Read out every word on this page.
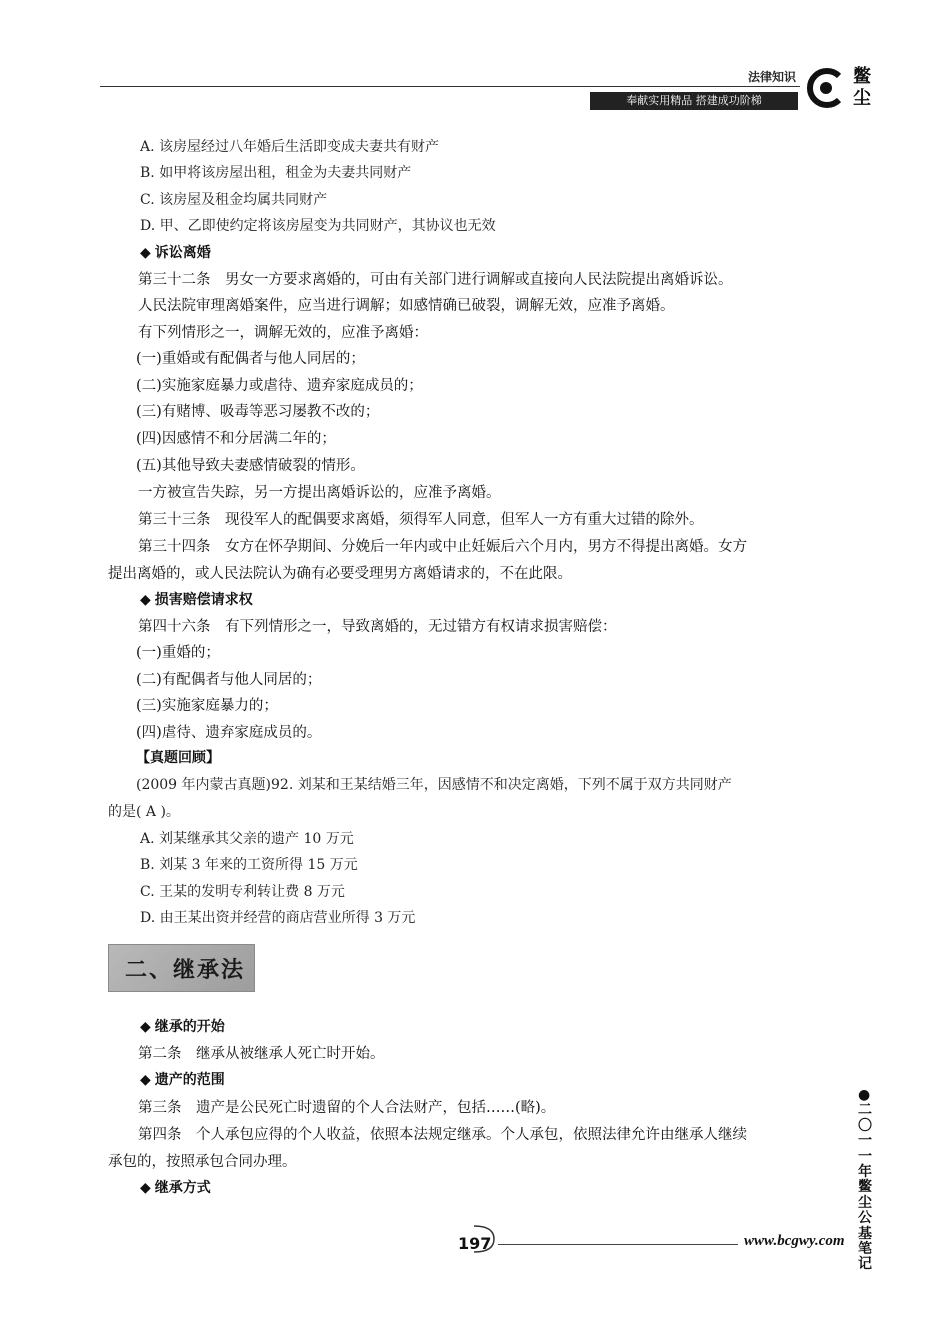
法律知识
奉献实用精品 搭建成功阶梯
鳖尘
A. 该房屋经过八年婚后生活即变成夫妻共有财产
B. 如甲将该房屋出租，租金为夫妻共同财产
C. 该房屋及租金均属共同财产
D. 甲、乙即使约定将该房屋变为共同财产，其协议也无效
◆ 诉讼离婚
第三十二条　男女一方要求离婚的，可由有关部门进行调解或直接向人民法院提出离婚诉讼。
人民法院审理离婚案件，应当进行调解；如感情确已破裂，调解无效，应准予离婚。
有下列情形之一，调解无效的，应准予离婚：
(一)重婚或有配偶者与他人同居的；
(二)实施家庭暴力或虐待、遗弃家庭成员的；
(三)有赌博、吸毒等恶习屡教不改的；
(四)因感情不和分居满二年的；
(五)其他导致夫妻感情破裂的情形。
一方被宣告失踪，另一方提出离婚诉讼的，应准予离婚。
第三十三条　现役军人的配偶要求离婚，须得军人同意，但军人一方有重大过错的除外。
第三十四条　女方在怀孕期间、分娩后一年内或中止妊娠后六个月内，男方不得提出离婚。女方
提出离婚的，或人民法院认为确有必要受理男方离婚请求的，不在此限。
◆ 损害赔偿请求权
第四十六条　有下列情形之一，导致离婚的，无过错方有权请求损害赔偿：
(一)重婚的；
(二)有配偶者与他人同居的；
(三)实施家庭暴力的；
(四)虐待、遗弃家庭成员的。
【真题回顾】
(2009 年内蒙古真题)92. 刘某和王某结婚三年，因感情不和决定离婚，下列不属于双方共同财产
的是( A )。
A. 刘某继承其父亲的遗产 10 万元
B. 刘某 3 年来的工资所得 15 万元
C. 王某的发明专利转让费 8 万元
D. 由王某出资并经营的商店营业所得 3 万元
二、继承法
◆ 继承的开始
第二条　继承从被继承人死亡时开始。
◆ 遗产的范围
第三条　遗产是公民死亡时遗留的个人合法财产，包括……(略)。
第四条　个人承包应得的个人收益，依照本法规定继承。个人承包，依照法律允许由继承人继续
承包的，按照承包合同办理。
◆ 继承方式
●二〇一一年鳖尘公基笔记
197	www.bcgwy.com
